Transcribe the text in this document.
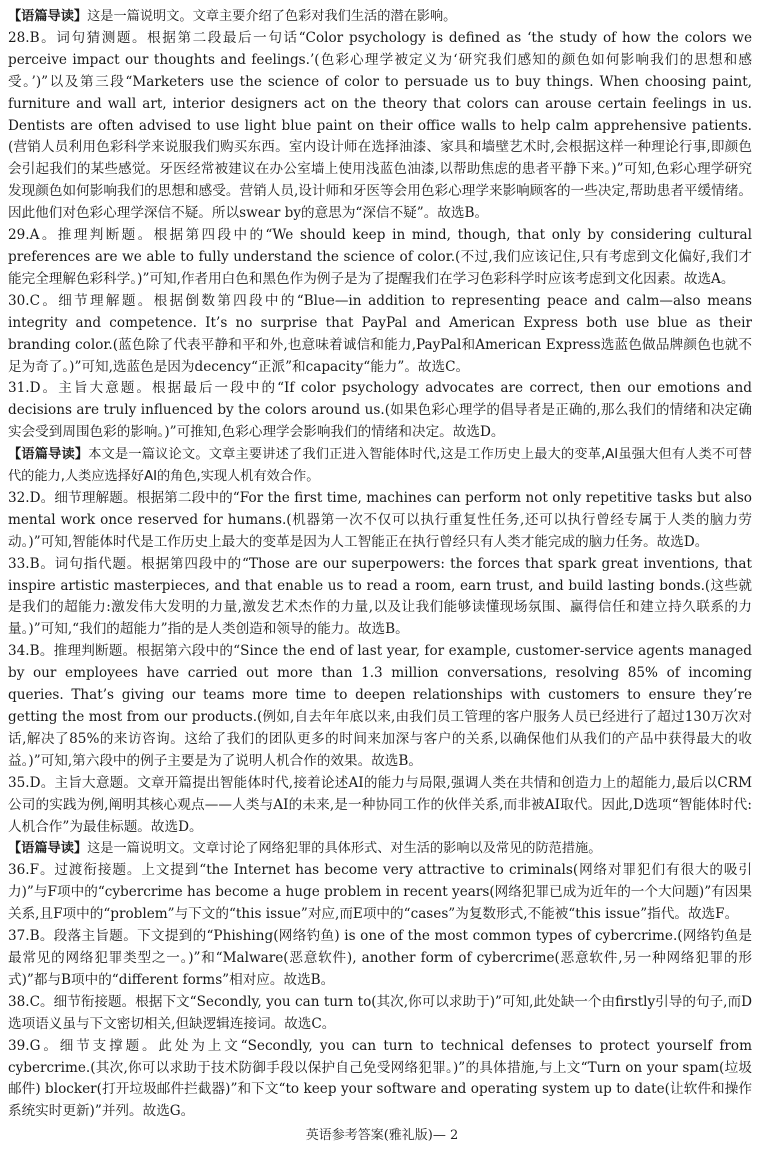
【语篇导读】这是一篇说明文。文章主要介绍了色彩对我们生活的潜在影响。

28.B。词句猜测题。根据第二段最后一句话“Color psychology is defined as ‘the study of how the colors we perceive impact our thoughts and feelings.’(色彩心理学被定义为‘研究我们感知的颜色如何影响我们的思想和感受。’)”以及第三段“Marketers use the science of color to persuade us to buy things. When choosing paint, furniture and wall art, interior designers act on the theory that colors can arouse certain feelings in us. Dentists are often advised to use light blue paint on their office walls to help calm apprehensive patients.(营销人员利用色彩科学来说服我们购买东西。室内设计师在选择油漆、家具和墙壁艺术时,会根据这样一种理论行事,即颜色会引起我们的某些感觉。牙医经常被建议在办公室墙上使用浅蓝色油漆,以帮助焦虑的患者平静下来。)”可知,色彩心理学研究发现颜色如何影响我们的思想和感受。营销人员,设计师和牙医等会用色彩心理学来影响顾客的一些决定,帮助患者平缓情绪。因此他们对色彩心理学深信不疑。所以swear by的意思为“深信不疑”。故选B。

29.A。推理判断题。根据第四段中的“We should keep in mind, though, that only by considering cultural preferences are we able to fully understand the science of color.(不过,我们应该记住,只有考虑到文化偏好,我们才能完全理解色彩科学。)”可知,作者用白色和黑色作为例子是为了提醒我们在学习色彩科学时应该考虑到文化因素。故选A。

30.C。细节理解题。根据倒数第四段中的“Blue—in addition to representing peace and calm—also means integrity and competence. It’s no surprise that PayPal and American Express both use blue as their branding color.(蓝色除了代表平静和平和外,也意味着诚信和能力,PayPal和American Express选蓝色做品牌颜色也就不足为奇了。)”可知,选蓝色是因为decency“正派”和capacity“能力”。故选C。

31.D。主旨大意题。根据最后一段中的“If color psychology advocates are correct, then our emotions and decisions are truly influenced by the colors around us.(如果色彩心理学的倡导者是正确的,那么我们的情绪和决定确实会受到周围色彩的影响。)”可推知,色彩心理学会影响我们的情绪和决定。故选D。

【语篇导读】本文是一篇议论文。文章主要讲述了我们正进入智能体时代,这是工作历史上最大的变革,AI虽强大但有人类不可替代的能力,人类应选择好AI的角色,实现人机有效合作。

32.D。细节理解题。根据第二段中的“For the first time, machines can perform not only repetitive tasks but also mental work once reserved for humans.(机器第一次不仅可以执行重复性任务,还可以执行曾经专属于人类的脑力劳动。)”可知,智能体时代是工作历史上最大的变革是因为人工智能正在执行曾经只有人类才能完成的脑力任务。故选D。

33.B。词句指代题。根据第四段中的“Those are our superpowers: the forces that spark great inventions, that inspire artistic masterpieces, and that enable us to read a room, earn trust, and build lasting bonds.(这些就是我们的超能力:激发伟大发明的力量,激发艺术杰作的力量,以及让我们能够读懂现场氛围、赢得信任和建立持久联系的力量。)”可知,“我们的超能力”指的是人类创造和领导的能力。故选B。

34.B。推理判断题。根据第六段中的“Since the end of last year, for example, customer-service agents managed by our employees have carried out more than 1.3 million conversations, resolving 85% of incoming queries. That’s giving our teams more time to deepen relationships with customers to ensure they’re getting the most from our products.(例如,自去年年底以来,由我们员工管理的客户服务人员已经进行了超过130万次对话,解决了85%的来访咨询。这给了我们的团队更多的时间来加深与客户的关系,以确保他们从我们的产品中获得最大的收益。)”可知,第六段中的例子主要是为了说明人机合作的效果。故选B。

35.D。主旨大意题。文章开篇提出智能体时代,接着论述AI的能力与局限,强调人类在共情和创造力上的超能力,最后以CRM公司的实践为例,阐明其核心观点——人类与AI的未来,是一种协同工作的伙伴关系,而非被AI取代。因此,D选项“智能体时代:人机合作”为最佳标题。故选D。

【语篇导读】这是一篇说明文。文章讨论了网络犯罪的具体形式、对生活的影响以及常见的防范措施。

36.F。过渡衔接题。上文提到“the Internet has become very attractive to criminals(网络对罪犯们有很大的吸引力)”与F项中的“cybercrime has become a huge problem in recent years(网络犯罪已成为近年的一个大问题)”有因果关系,且F项中的“problem”与下文的“this issue”对应,而E项中的“cases”为复数形式,不能被“this issue”指代。故选F。

37.B。段落主旨题。下文提到的“Phishing(网络钓鱼) is one of the most common types of cybercrime.(网络钓鱼是最常见的网络犯罪类型之一。)”和“Malware(恶意软件), another form of cybercrime(恶意软件,另一种网络犯罪的形式)”都与B项中的“different forms”相对应。故选B。

38.C。细节衔接题。根据下文“Secondly, you can turn to(其次,你可以求助于)”可知,此处缺一个由firstly引导的句子,而D选项语义虽与下文密切相关,但缺逻辑连接词。故选C。

39.G。细节支撑题。此处为上文“Secondly, you can turn to technical defenses to protect yourself from cybercrime.(其次,你可以求助于技术防御手段以保护自己免受网络犯罪。)”的具体措施,与上文“Turn on your spam(垃圾邮件) blocker(打开垃圾邮件拦截器)”和下文“to keep your software and operating system up to date(让软件和操作系统实时更新)”并列。故选G。

英语参考答案(雅礼版)— 2
